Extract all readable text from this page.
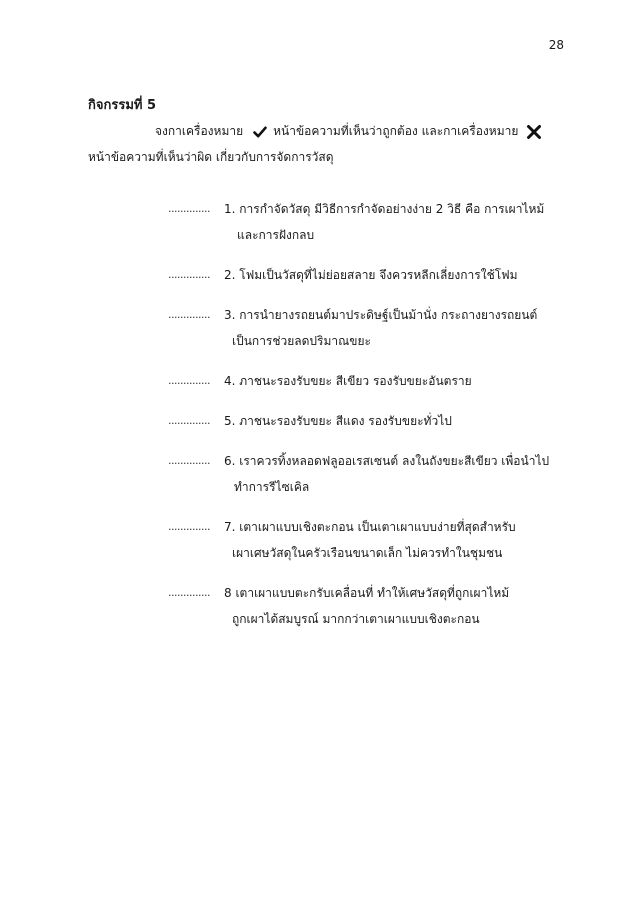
28
กิจกรรมที่ 5
จงกาเครื่องหมาย	หน้าข้อความที่เห็นว่าถูกต้อง และกาเครื่องหมาย
หน้าข้อความที่เห็นว่าผิด เกี่ยวกับการจัดการวัสดุ
..............	1. การกำจัดวัสดุ มีวิธีการกำจัดอย่างง่าย 2 วิธี คือ การเผาไหม้
และการฝังกลบ
..............	2. โฟมเป็นวัสดุที่ไม่ย่อยสลาย จึงควรหลีกเลี่ยงการใช้โฟม
..............	3. การนำยางรถยนต์มาประดิษฐ์เป็นม้านั่ง กระถางยางรถยนต์
เป็นการช่วยลดปริมาณขยะ
..............	4. ภาชนะรองรับขยะ สีเขียว รองรับขยะอันตราย
..............	5. ภาชนะรองรับขยะ สีแดง รองรับขยะทั่วไป
..............	6. เราควรทิ้งหลอดฟลูออเรสเซนต์ ลงในถังขยะสีเขียว เพื่อนำไป
ทำการรีไซเคิล
..............	7. เตาเผาแบบเชิงตะกอน เป็นเตาเผาแบบง่ายที่สุดสำหรับ
เผาเศษวัสดุในครัวเรือนขนาดเล็ก ไม่ควรทำในชุมชน
..............	8 เตาเผาแบบตะกรับเคลื่อนที่ ทำให้เศษวัสดุที่ถูกเผาไหม้
ถูกเผาได้สมบูรณ์ มากกว่าเตาเผาแบบเชิงตะกอน
